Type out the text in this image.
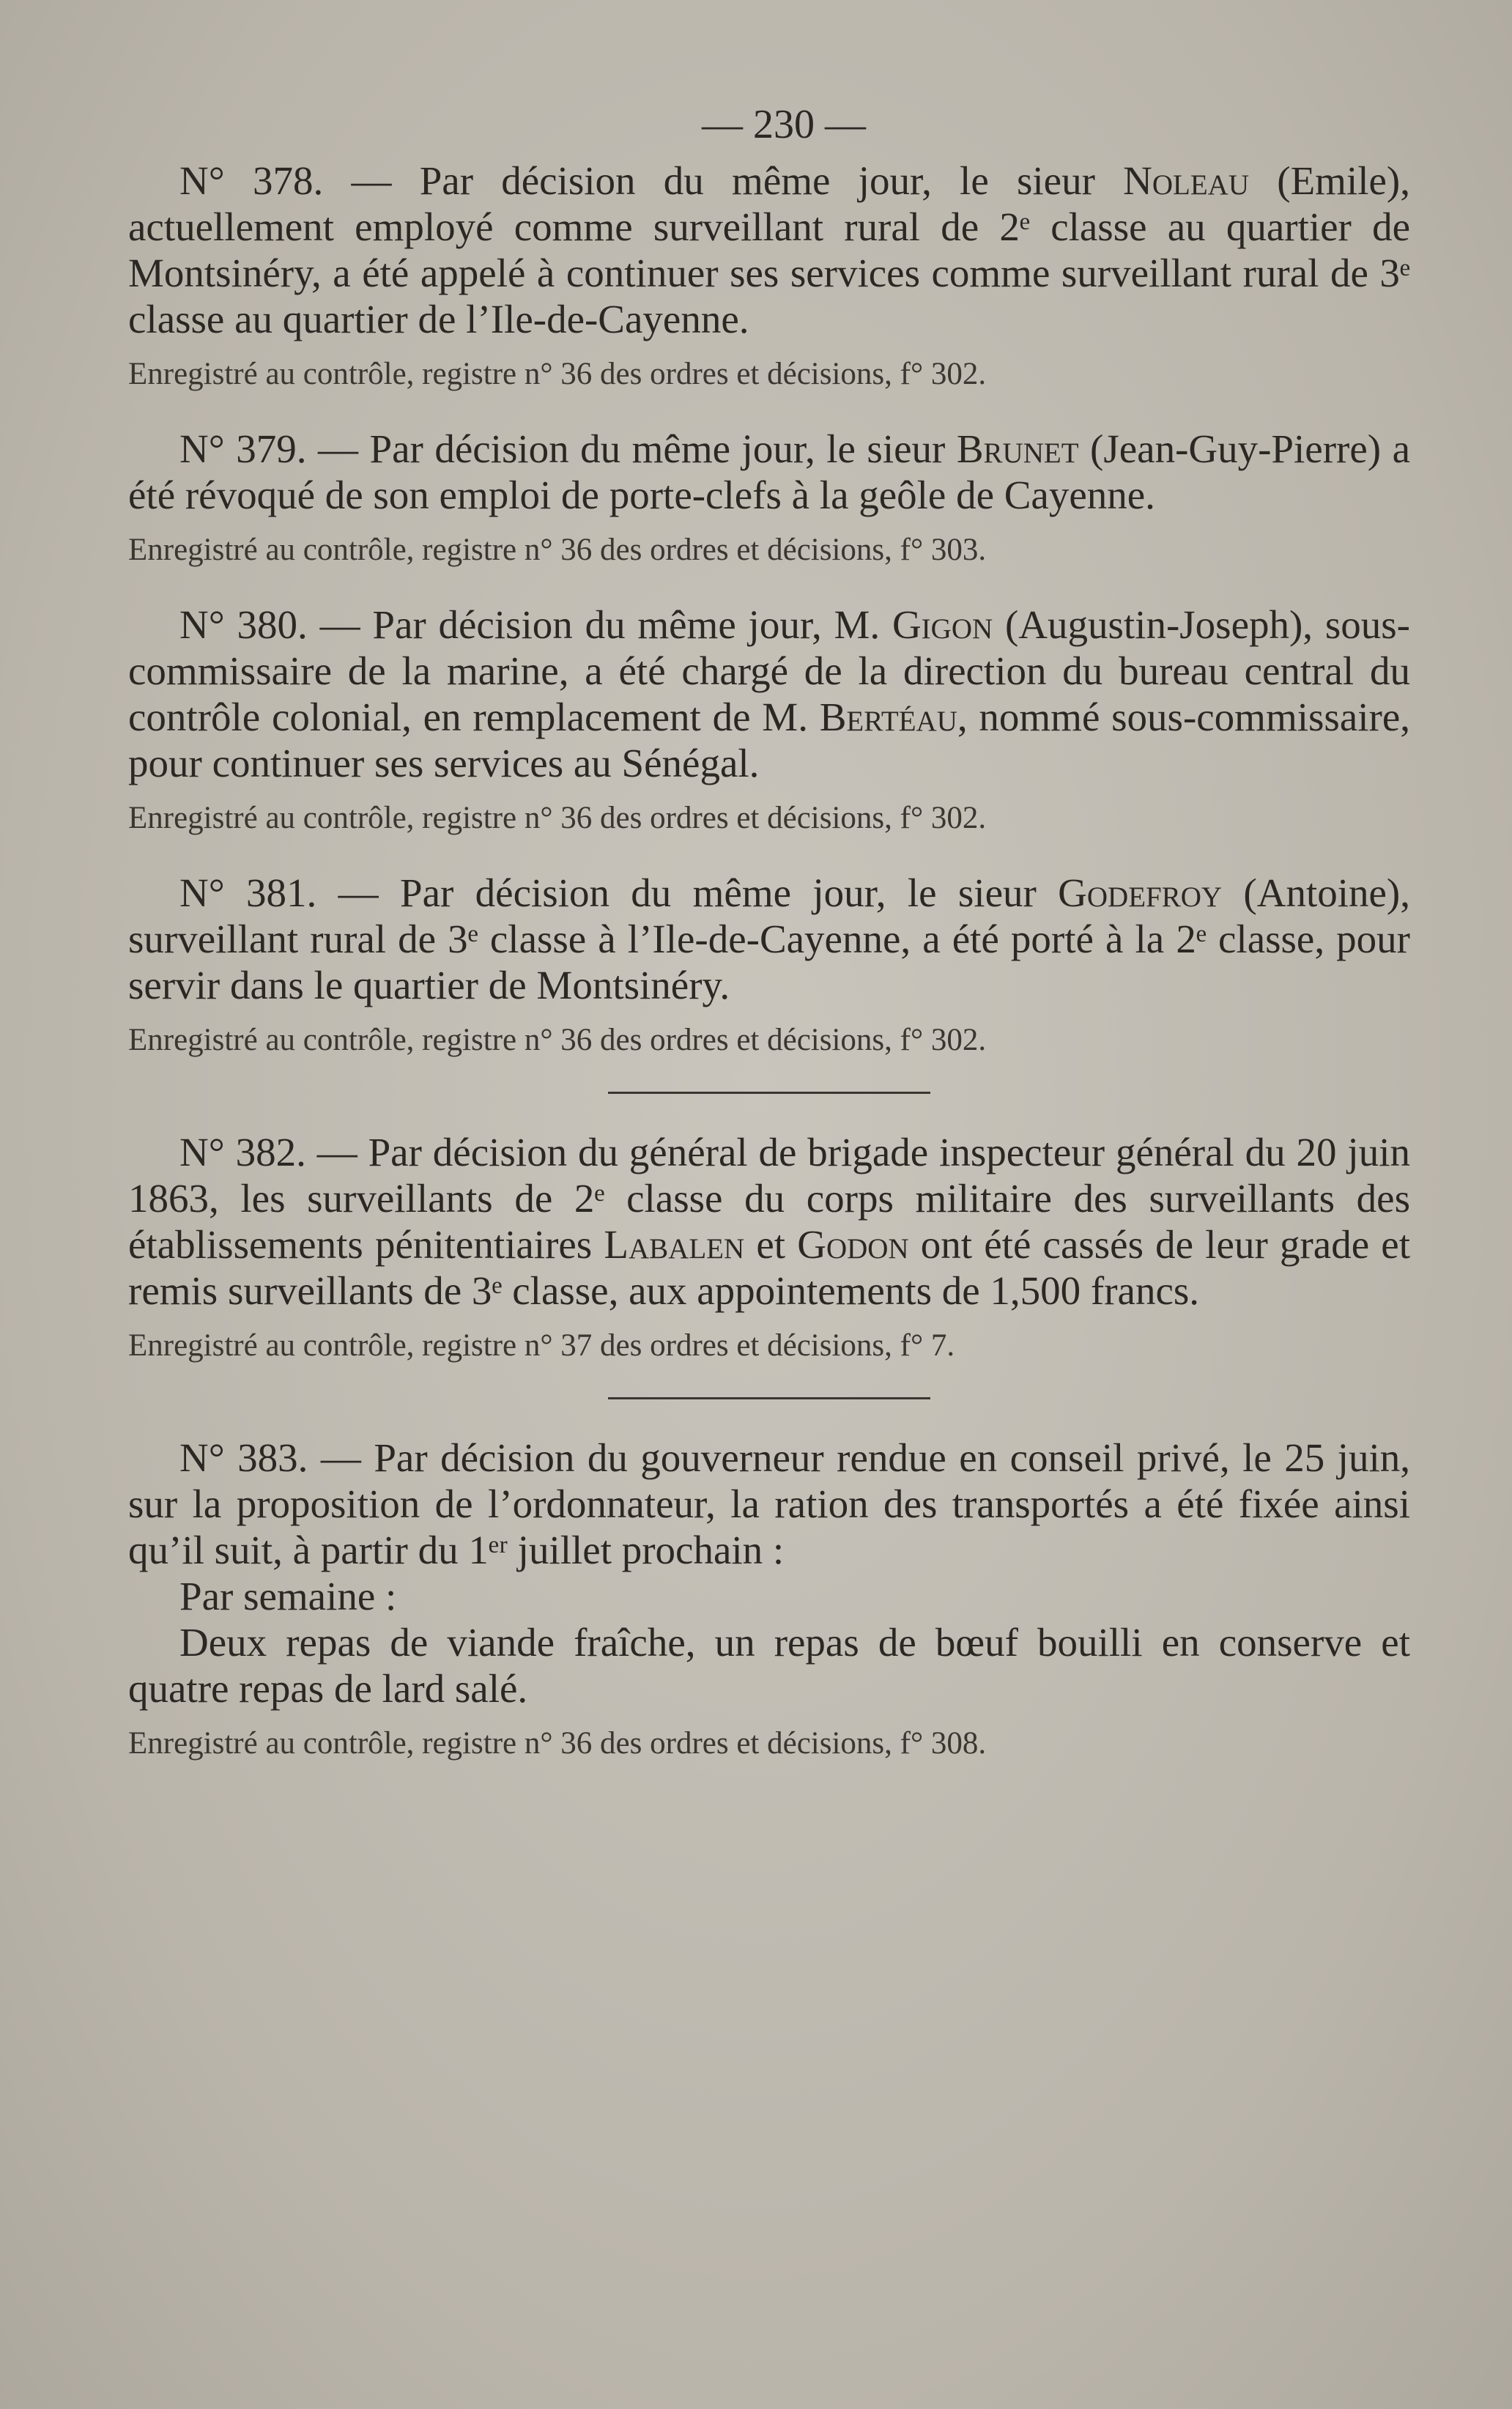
— 230 —

N° 378. — Par décision du même jour, le sieur Noleau (Emile), actuellement employé comme surveillant rural de 2ᵉ classe au quartier de Montsinéry, a été appelé à continuer ses services comme surveillant rural de 3ᵉ classe au quartier de l’Ile-de-Cayenne.

Enregistré au contrôle, registre n° 36 des ordres et décisions, f° 302.

N° 379. — Par décision du même jour, le sieur Brunet (Jean-Guy-Pierre) a été révoqué de son emploi de porte-clefs à la geôle de Cayenne.

Enregistré au contrôle, registre n° 36 des ordres et décisions, f° 303.

N° 380. — Par décision du même jour, M. Gigon (Augustin-Joseph), sous-commissaire de la marine, a été chargé de la direction du bureau central du contrôle colonial, en remplacement de M. Bertéau, nommé sous-commissaire, pour continuer ses services au Sénégal.

Enregistré au contrôle, registre n° 36 des ordres et décisions, f° 302.

N° 381. — Par décision du même jour, le sieur Godefroy (Antoine), surveillant rural de 3ᵉ classe à l’Ile-de-Cayenne, a été porté à la 2ᵉ classe, pour servir dans le quartier de Montsinéry.

Enregistré au contrôle, registre n° 36 des ordres et décisions, f° 302.

N° 382. — Par décision du général de brigade inspecteur général du 20 juin 1863, les surveillants de 2ᵉ classe du corps militaire des surveillants des établissements pénitentiaires Labalen et Godon ont été cassés de leur grade et remis surveillants de 3ᵉ classe, aux appointements de 1,500 francs.

Enregistré au contrôle, registre n° 37 des ordres et décisions, f° 7.

N° 383. — Par décision du gouverneur rendue en conseil privé, le 25 juin, sur la proposition de l’ordonnateur, la ration des transportés a été fixée ainsi qu’il suit, à partir du 1ᵉʳ juillet prochain :

Par semaine :

Deux repas de viande fraîche, un repas de bœuf bouilli en conserve et quatre repas de lard salé.

Enregistré au contrôle, registre n° 36 des ordres et décisions, f° 308.
